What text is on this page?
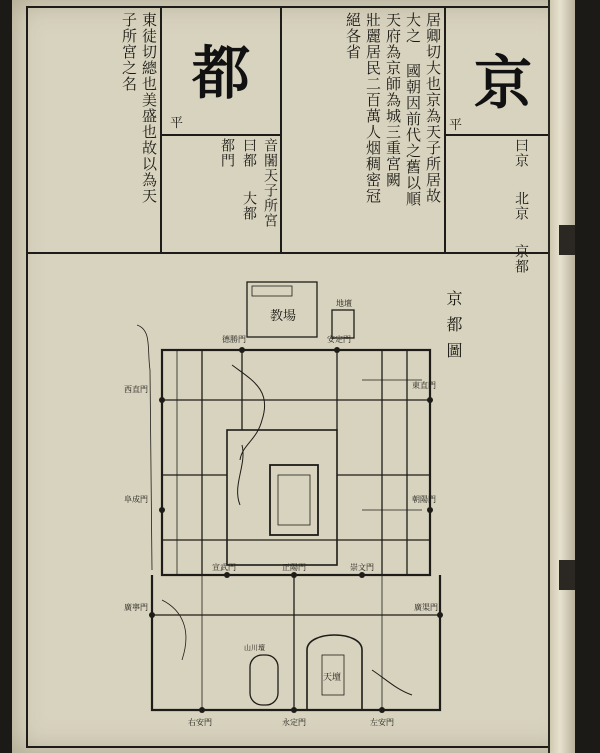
京
平
曰京 北京 京都
居卿切大也京為天子所居故
大之 國朝因前代之舊以順
天府為京師為城三重宮闕
壯麗居民二百萬人烟稠密冠
絕各省
都
平
音闍天子所宮
曰都 大都
都門
東徒切總也美盛也故以為天
子所宮之名
京都圖
教場
地壇
德勝門	安定門
西直門
阜成門
東直門
朝陽門
正陽門
宣武門	崇文門
廣寧門	廣渠門
永定門
右安門	左安門
天壇
山川壇
